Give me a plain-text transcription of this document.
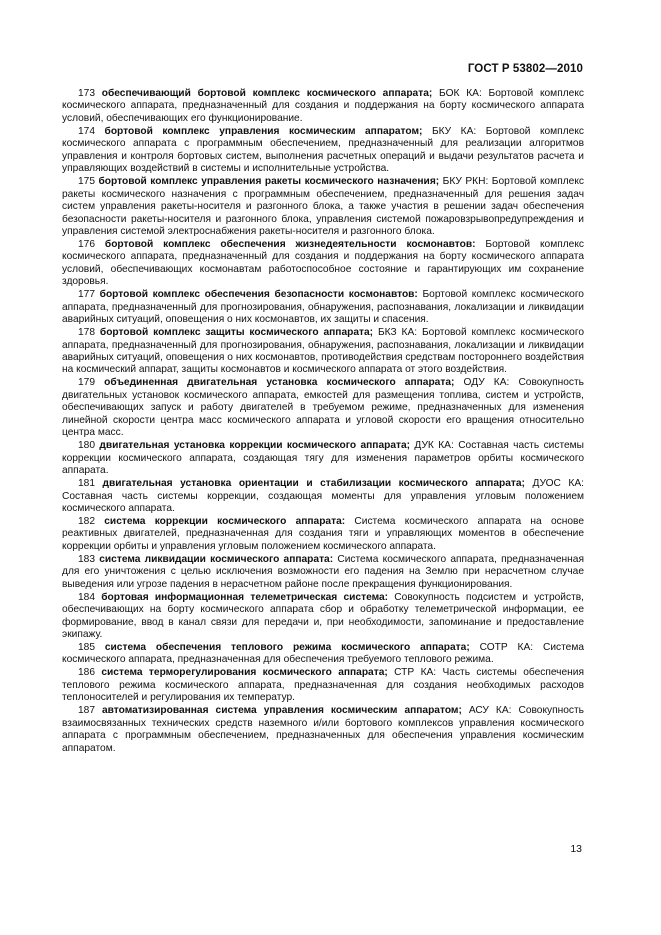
ГОСТ Р 53802—2010

173 обеспечивающий бортовой комплекс космического аппарата; БОК КА: Бортовой комплекс космического аппарата, предназначенный для создания и поддержания на борту космического аппарата условий, обеспечивающих его функционирование.

174 бортовой комплекс управления космическим аппаратом; БКУ КА: Бортовой комплекс космического аппарата с программным обеспечением, предназначенный для реализации алгоритмов управления и контроля бортовых систем, выполнения расчетных операций и выдачи результатов расчета и управляющих воздействий в системы и исполнительные устройства.

175 бортовой комплекс управления ракеты космического назначения; БКУ РКН: Бортовой комплекс ракеты космического назначения с программным обеспечением, предназначенный для решения задач систем управления ракеты-носителя и разгонного блока, а также участия в решении задач обеспечения безопасности ракеты-носителя и разгонного блока, управления системой пожаровзрывопредупреждения и управления системой электроснабжения ракеты-носителя и разгонного блока.

176 бортовой комплекс обеспечения жизнедеятельности космонавтов: Бортовой комплекс космического аппарата, предназначенный для создания и поддержания на борту космического аппарата условий, обеспечивающих космонавтам работоспособное состояние и гарантирующих им сохранение здоровья.

177 бортовой комплекс обеспечения безопасности космонавтов: Бортовой комплекс космического аппарата, предназначенный для прогнозирования, обнаружения, распознавания, локализации и ликвидации аварийных ситуаций, оповещения о них космонавтов, их защиты и спасения.

178 бортовой комплекс защиты космического аппарата; БКЗ КА: Бортовой комплекс космического аппарата, предназначенный для прогнозирования, обнаружения, распознавания, локализации и ликвидации аварийных ситуаций, оповещения о них космонавтов, противодействия средствам постороннего воздействия на космический аппарат, защиты космонавтов и космического аппарата от этого воздействия.

179 объединенная двигательная установка космического аппарата; ОДУ КА: Совокупность двигательных установок космического аппарата, емкостей для размещения топлива, систем и устройств, обеспечивающих запуск и работу двигателей в требуемом режиме, предназначенных для изменения линейной скорости центра масс космического аппарата и угловой скорости его вращения относительно центра масс.

180 двигательная установка коррекции космического аппарата; ДУК КА: Составная часть системы коррекции космического аппарата, создающая тягу для изменения параметров орбиты космического аппарата.

181 двигательная установка ориентации и стабилизации космического аппарата; ДУОС КА: Составная часть системы коррекции, создающая моменты для управления угловым положением космического аппарата.

182 система коррекции космического аппарата: Система космического аппарата на основе реактивных двигателей, предназначенная для создания тяги и управляющих моментов в обеспечение коррекции орбиты и управления угловым положением космического аппарата.

183 система ликвидации космического аппарата: Система космического аппарата, предназначенная для его уничтожения с целью исключения возможности его падения на Землю при нерасчетном случае выведения или угрозе падения в нерасчетном районе после прекращения функционирования.

184 бортовая информационная телеметрическая система: Совокупность подсистем и устройств, обеспечивающих на борту космического аппарата сбор и обработку телеметрической информации, ее формирование, ввод в канал связи для передачи и, при необходимости, запоминание и предоставление экипажу.

185 система обеспечения теплового режима космического аппарата; СОТР КА: Система космического аппарата, предназначенная для обеспечения требуемого теплового режима.

186 система терморегулирования космического аппарата; СТР КА: Часть системы обеспечения теплового режима космического аппарата, предназначенная для создания необходимых расходов теплоносителей и регулирования их температур.

187 автоматизированная система управления космическим аппаратом; АСУ КА: Совокупность взаимосвязанных технических средств наземного и/или бортового комплексов управления космического аппарата с программным обеспечением, предназначенных для обеспечения управления космическим аппаратом.

13
